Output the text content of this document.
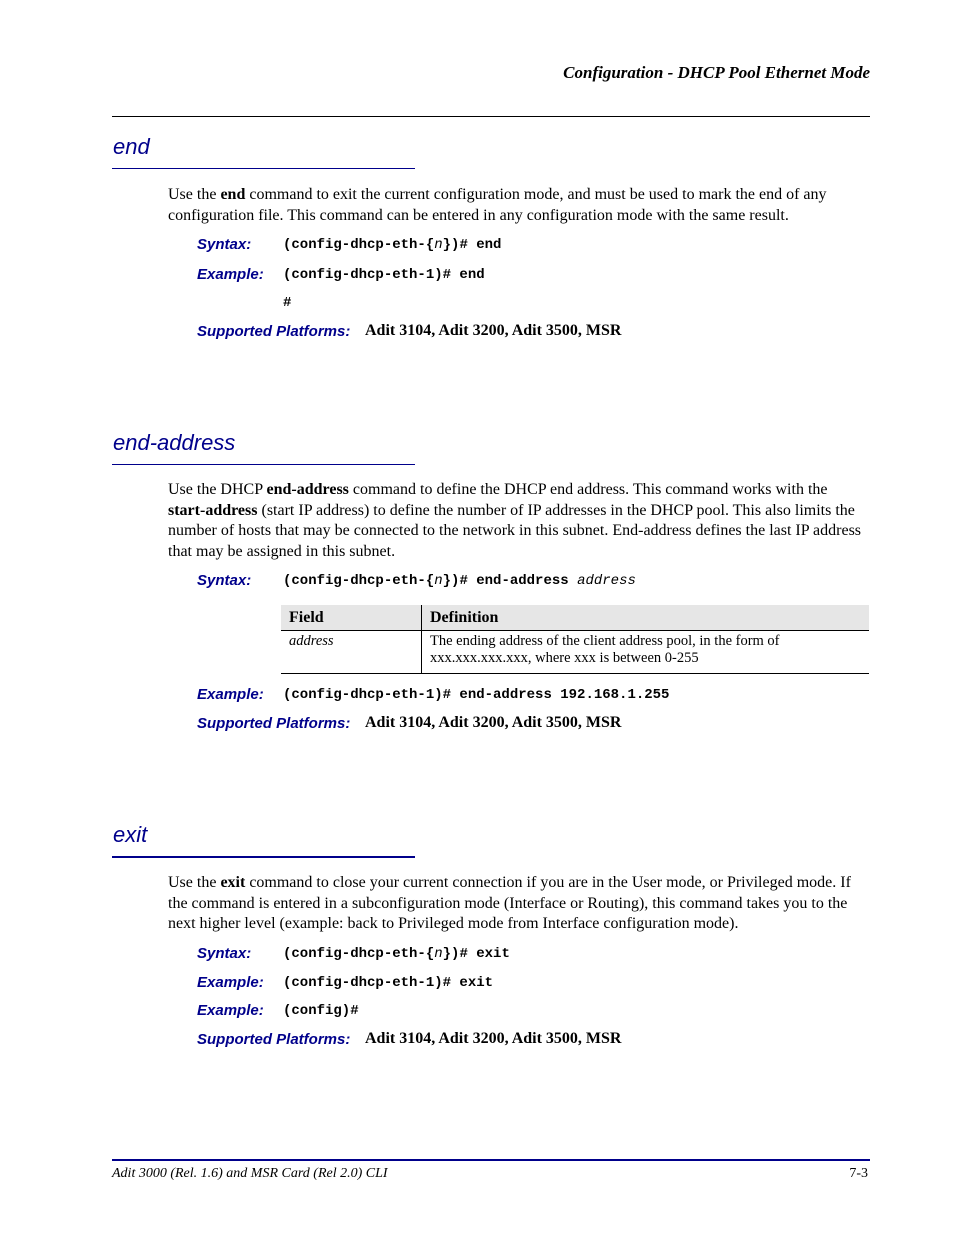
Configuration - DHCP Pool Ethernet Mode
end
Use the end command to exit the current configuration mode, and must be used to mark the end of any configuration file. This command can be entered in any configuration mode with the same result.
Syntax: (config-dhcp-eth-{n})# end
Example: (config-dhcp-eth-1)# end
#
Supported Platforms: Adit 3104, Adit 3200, Adit 3500, MSR
end-address
Use the DHCP end-address command to define the DHCP end address. This command works with the start-address (start IP address) to define the number of IP addresses in the DHCP pool. This also limits the number of hosts that may be connected to the network in this subnet. End-address defines the last IP address that may be assigned in this subnet.
Syntax: (config-dhcp-eth-{n})# end-address address
Field	Definition
address	The ending address of the client address pool, in the form of xxx.xxx.xxx.xxx, where xxx is between 0-255
Example: (config-dhcp-eth-1)# end-address 192.168.1.255
Supported Platforms: Adit 3104, Adit 3200, Adit 3500, MSR
exit
Use the exit command to close your current connection if you are in the User mode, or Privileged mode. If the command is entered in a subconfiguration mode (Interface or Routing), this command takes you to the next higher level (example: back to Privileged mode from Interface configuration mode).
Syntax: (config-dhcp-eth-{n})# exit
Example: (config-dhcp-eth-1)# exit
Example: (config)#
Supported Platforms: Adit 3104, Adit 3200, Adit 3500, MSR
Adit 3000 (Rel. 1.6) and MSR Card (Rel 2.0) CLI	7-3
